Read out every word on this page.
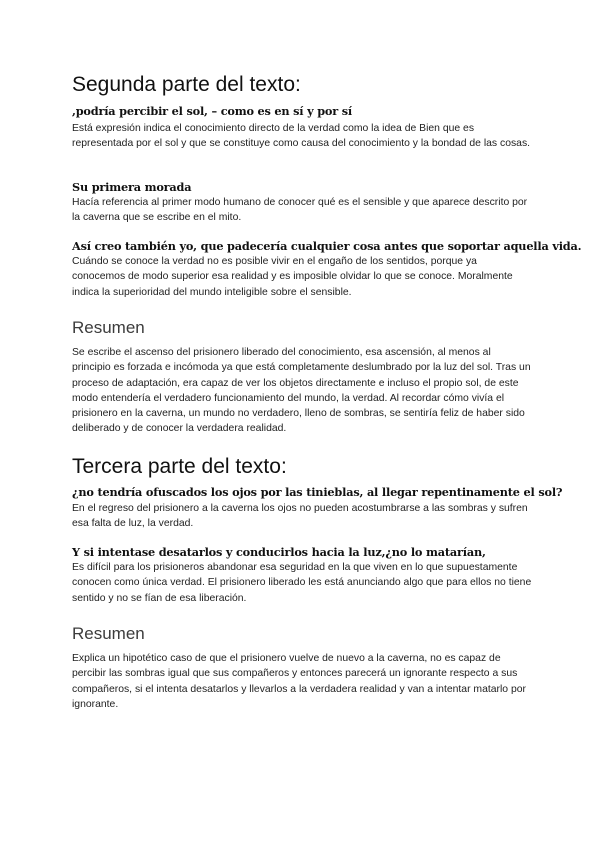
Segunda parte del texto:

,podría percibir el sol, – como es en sí y por sí

Está expresión indica el conocimiento directo de la verdad como la idea de Bien que es representada por el sol y que se constituye como causa del conocimiento y la bondad de las cosas.

Su primera morada

Hacía referencia al primer modo humano de conocer qué es el sensible y que aparece descrito por la caverna que se escribe en el mito.

Así creo también yo, que padecería cualquier cosa antes que soportar aquella vida.

Cuándo se conoce la verdad no es posible vivir en el engaño de los sentidos, porque ya conocemos de modo superior esa realidad y es imposible olvidar lo que se conoce. Moralmente indica la superioridad del mundo inteligible sobre el sensible.

Resumen

Se escribe el ascenso del prisionero liberado del conocimiento, esa ascensión, al menos al principio es forzada e incómoda ya que está completamente deslumbrado por la luz del sol. Tras un proceso de adaptación, era capaz de ver los objetos directamente e incluso el propio sol, de este modo entendería el verdadero funcionamiento del mundo, la verdad. Al recordar cómo vivía el prisionero en la caverna, un mundo no verdadero, lleno de sombras, se sentiría feliz de haber sido deliberado y de conocer la verdadera realidad.

Tercera parte del texto:

¿no tendría ofuscados los ojos por las tinieblas, al llegar repentinamente el sol?

En el regreso del prisionero a la caverna los ojos no pueden acostumbrarse a las sombras y sufren esa falta de luz, la verdad.

Y si intentase desatarlos y conducirlos hacia la luz,¿no lo matarían,

Es difícil para los prisioneros abandonar esa seguridad en la que viven en lo que supuestamente conocen como única verdad. El prisionero liberado les está anunciando algo que para ellos no tiene sentido y no se fían de esa liberación.

Resumen

Explica un hipotético caso de que el prisionero vuelve de nuevo a la caverna, no es capaz de percibir las sombras igual que sus compañeros y entonces parecerá un ignorante respecto a sus compañeros, si el intenta desatarlos y llevarlos a la verdadera realidad y van a intentar matarlo por ignorante.
